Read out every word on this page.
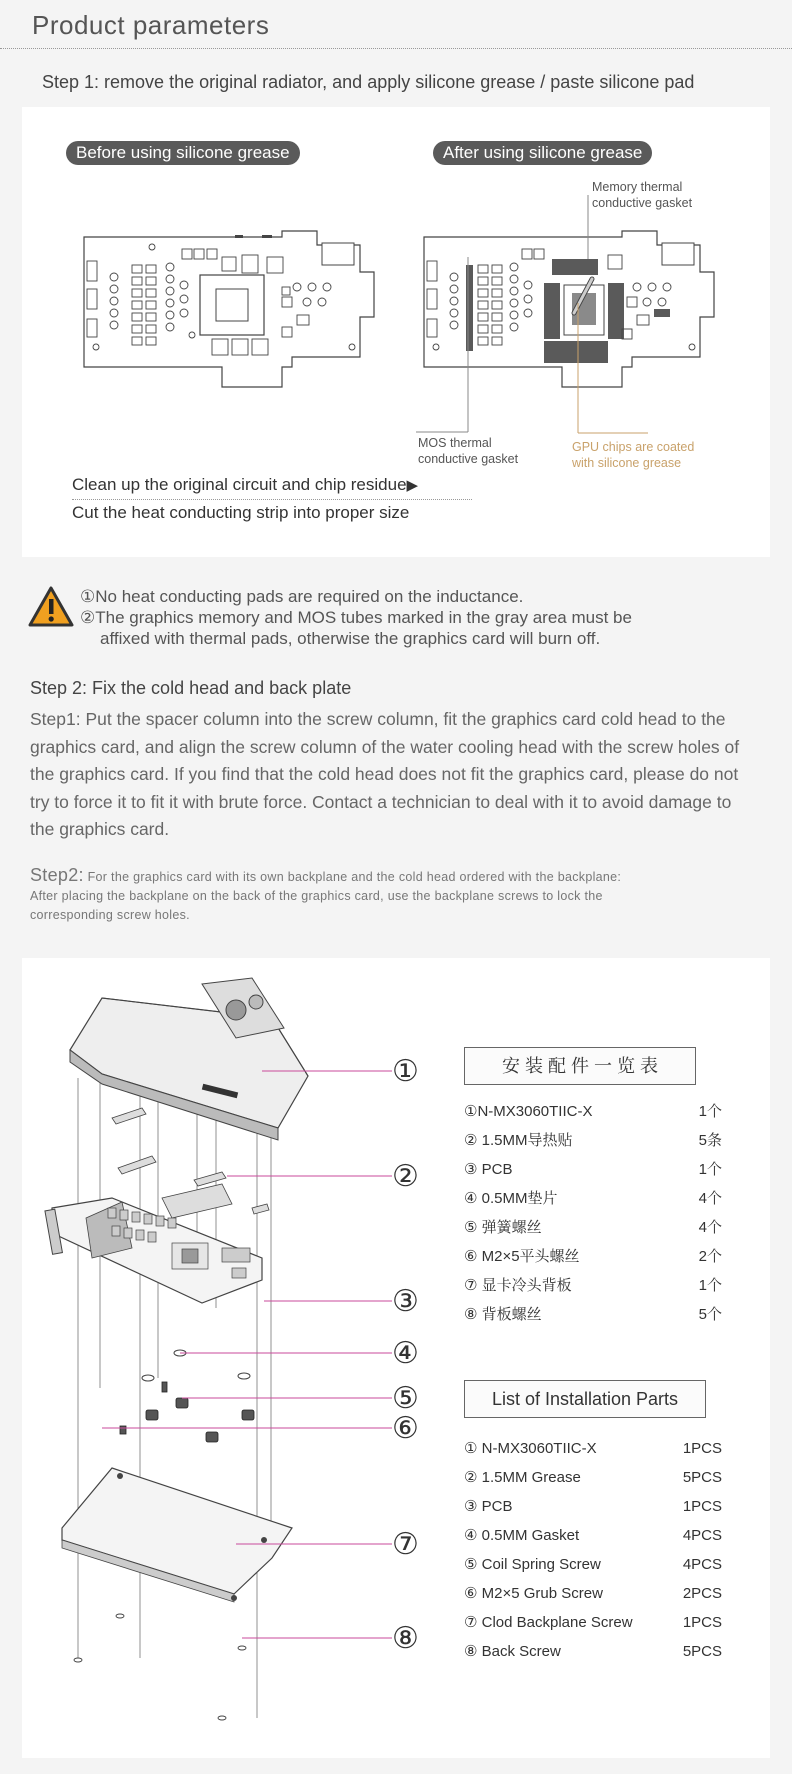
Product parameters
Step 1: remove the original radiator, and apply silicone grease / paste silicone pad
Before using silicone grease	After using silicone grease
Memory thermal
conductive gasket
MOS thermal
conductive gasket
GPU chips are coated
with silicone grease
Clean up the original circuit and chip residue▶
Cut the heat conducting strip into proper size
①No heat conducting pads are required on the inductance.
②The graphics memory and MOS tubes marked in the gray area must be
affixed with thermal pads, otherwise the graphics card will burn off.
Step 2: Fix the cold head and back plate
Step1: Put the spacer column into the screw column, fit the graphics card cold head to the graphics card, and align the screw column of the water cooling head with the screw holes of the graphics card. If you find that the cold head does not fit the graphics card, please do not try to force it to fit it with brute force. Contact a technician to deal with it to avoid damage to the graphics card.
Step2: For the graphics card with its own backplane and the cold head ordered with the backplane:
After placing the backplane on the back of the graphics card, use the backplane screws to lock the
corresponding screw holes.
①
②
③
④
⑤
⑥
⑦
⑧
安 装 配 件 一 览 表
①N-MX3060TIIC-X	1个
② 1.5MM导热贴	5条
③ PCB	1个
④ 0.5MM垫片	4个
⑤ 弹簧螺丝	4个
⑥ M2×5平头螺丝	2个
⑦ 显卡冷头背板	1个
⑧ 背板螺丝	5个
List of Installation Parts
① N-MX3060TIIC-X	1PCS
② 1.5MM Grease	5PCS
③ PCB	1PCS
④ 0.5MM Gasket	4PCS
⑤ Coil Spring Screw	4PCS
⑥ M2×5 Grub Screw	2PCS
⑦ Clod Backplane Screw	1PCS
⑧ Back Screw	5PCS
